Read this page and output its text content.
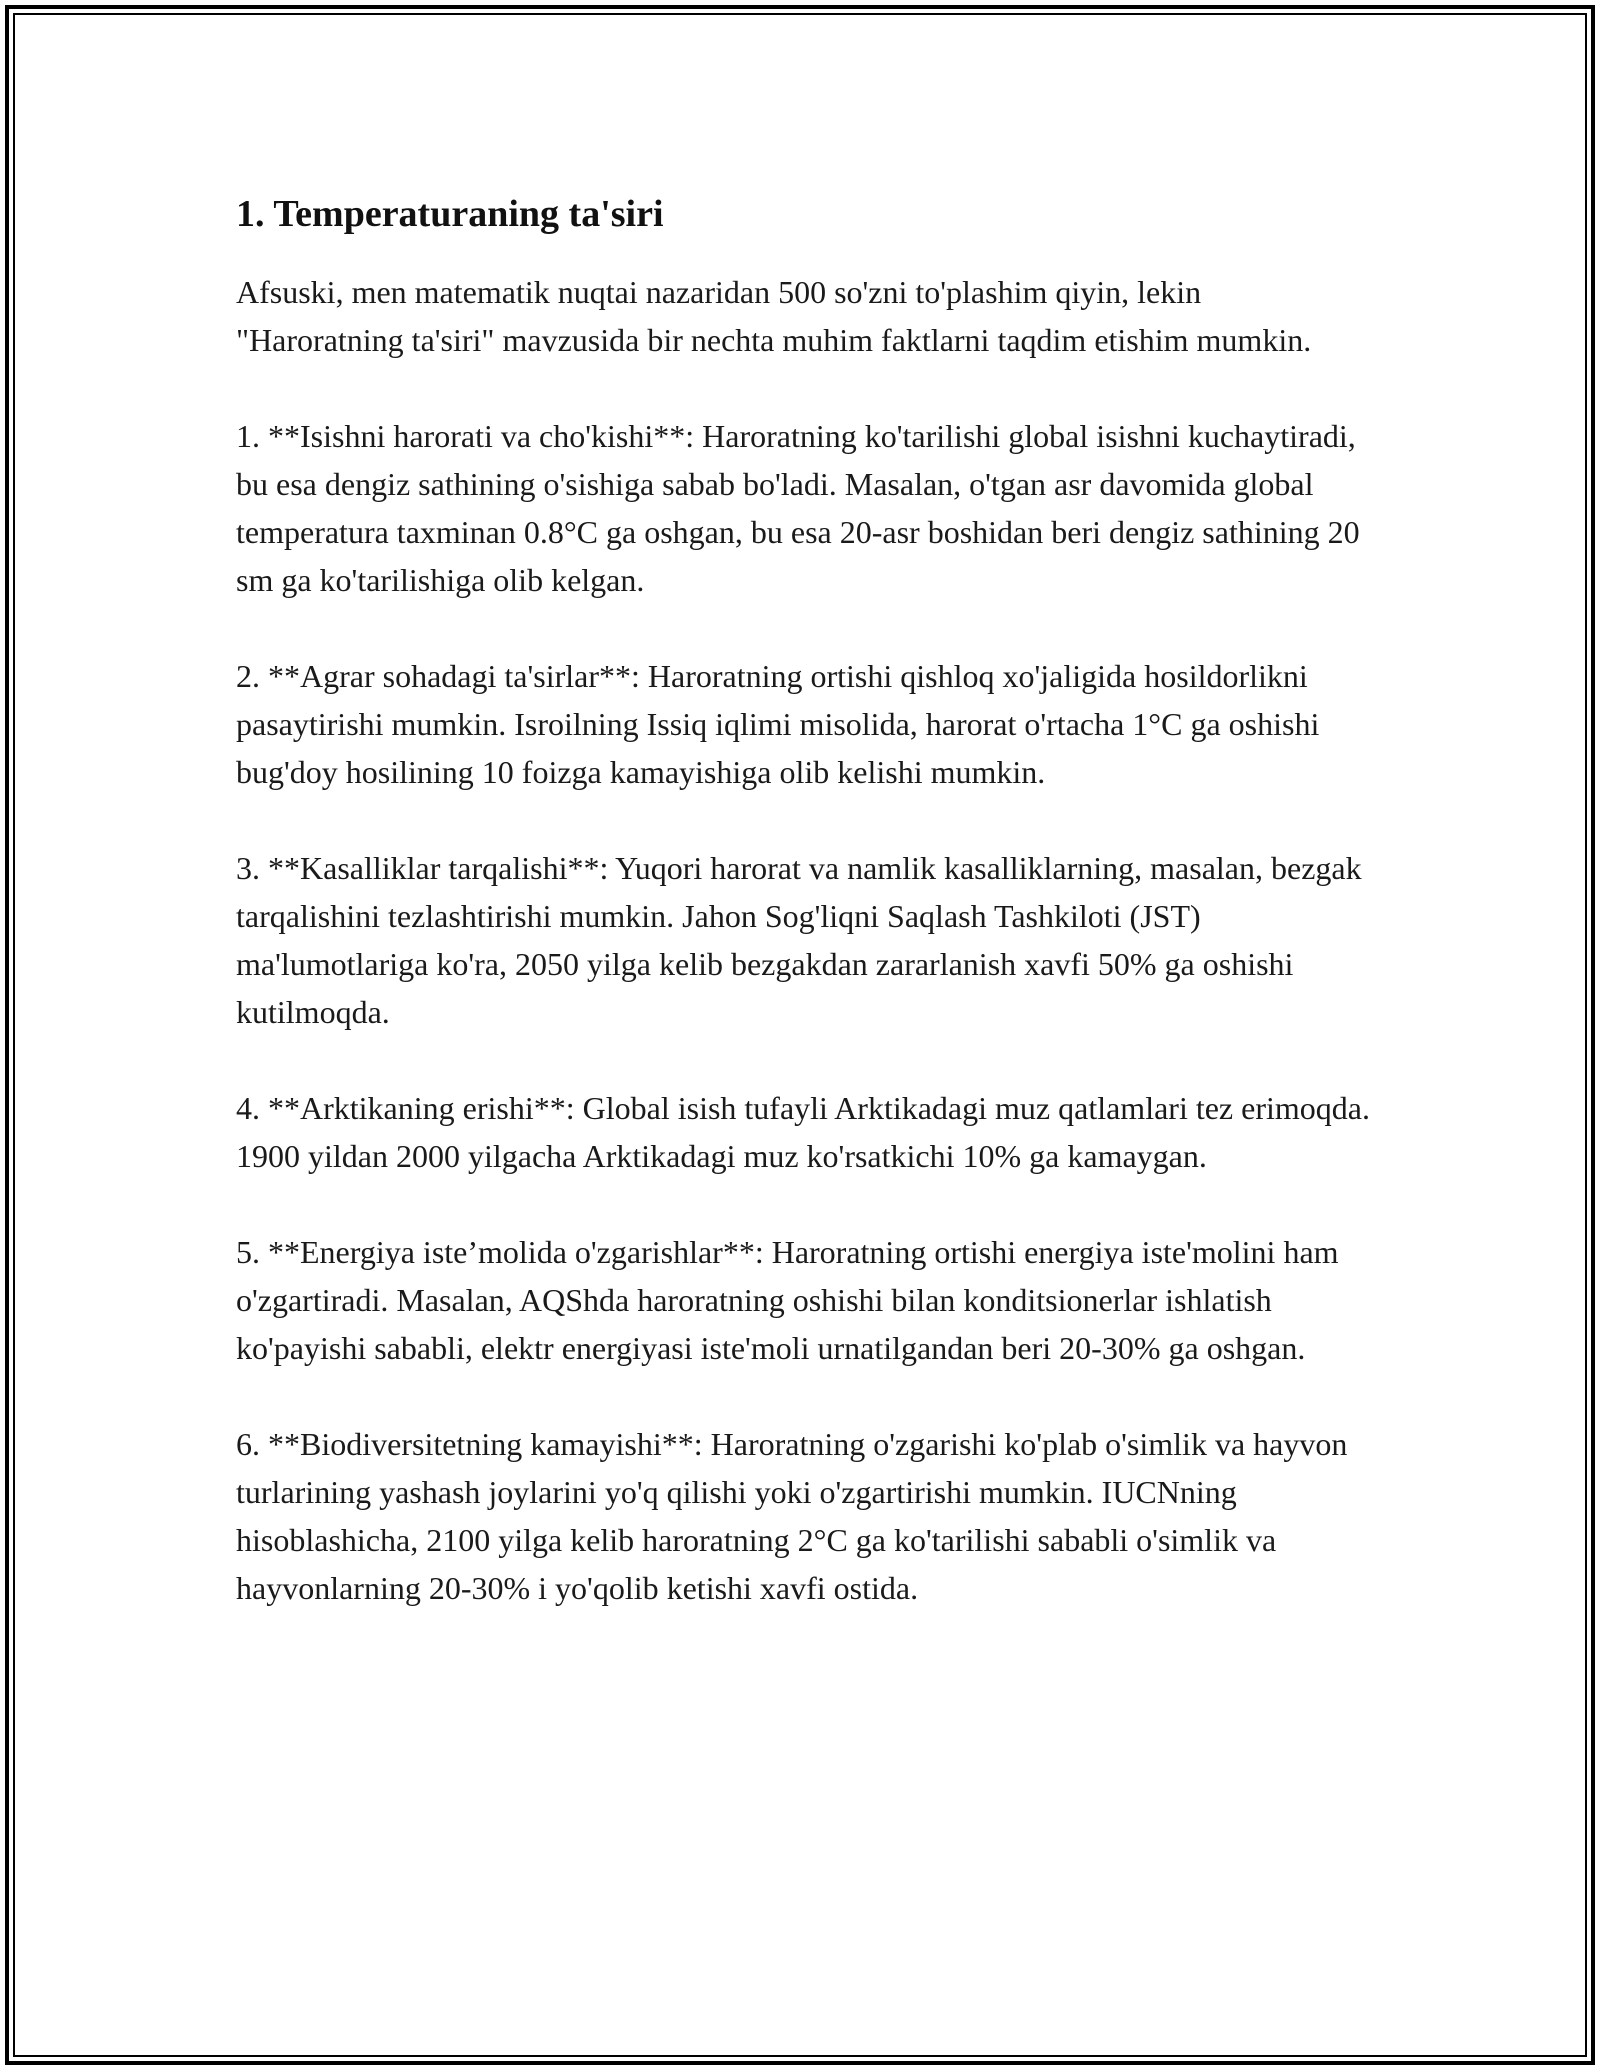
1. Temperaturaning ta'siri

Afsuski, men matematik nuqtai nazaridan 500 so'zni to'plashim qiyin, lekin "Haroratning ta'siri" mavzusida bir nechta muhim faktlarni taqdim etishim mumkin.

1. **Isishni harorati va cho'kishi**: Haroratning ko'tarilishi global isishni kuchaytiradi, bu esa dengiz sathining o'sishiga sabab bo'ladi. Masalan, o'tgan asr davomida global temperatura taxminan 0.8°C ga oshgan, bu esa 20-asr boshidan beri dengiz sathining 20 sm ga ko'tarilishiga olib kelgan.

2. **Agrar sohadagi ta'sirlar**: Haroratning ortishi qishloq xo'jaligida hosildorlikni pasaytirishi mumkin. Isroilning Issiq iqlimi misolida, harorat o'rtacha 1°C ga oshishi bug'doy hosilining 10 foizga kamayishiga olib kelishi mumkin.

3. **Kasalliklar tarqalishi**: Yuqori harorat va namlik kasalliklarning, masalan, bezgak tarqalishini tezlashtirishi mumkin. Jahon Sog'liqni Saqlash Tashkiloti (JST) ma'lumotlariga ko'ra, 2050 yilga kelib bezgakdan zararlanish xavfi 50% ga oshishi kutilmoqda.

4. **Arktikaning erishi**: Global isish tufayli Arktikadagi muz qatlamlari tez erimoqda. 1900 yildan 2000 yilgacha Arktikadagi muz ko'rsatkichi 10% ga kamaygan.

5. **Energiya iste’molida o'zgarishlar**: Haroratning ortishi energiya iste'molini ham o'zgartiradi. Masalan, AQShda haroratning oshishi bilan konditsionerlar ishlatish ko'payishi sababli, elektr energiyasi iste'moli urnatilgandan beri 20-30% ga oshgan.

6. **Biodiversitetning kamayishi**: Haroratning o'zgarishi ko'plab o'simlik va hayvon turlarining yashash joylarini yo'q qilishi yoki o'zgartirishi mumkin. IUCNning hisoblashicha, 2100 yilga kelib haroratning 2°C ga ko'tarilishi sababli o'simlik va hayvonlarning 20-30% i yo'qolib ketishi xavfi ostida.
